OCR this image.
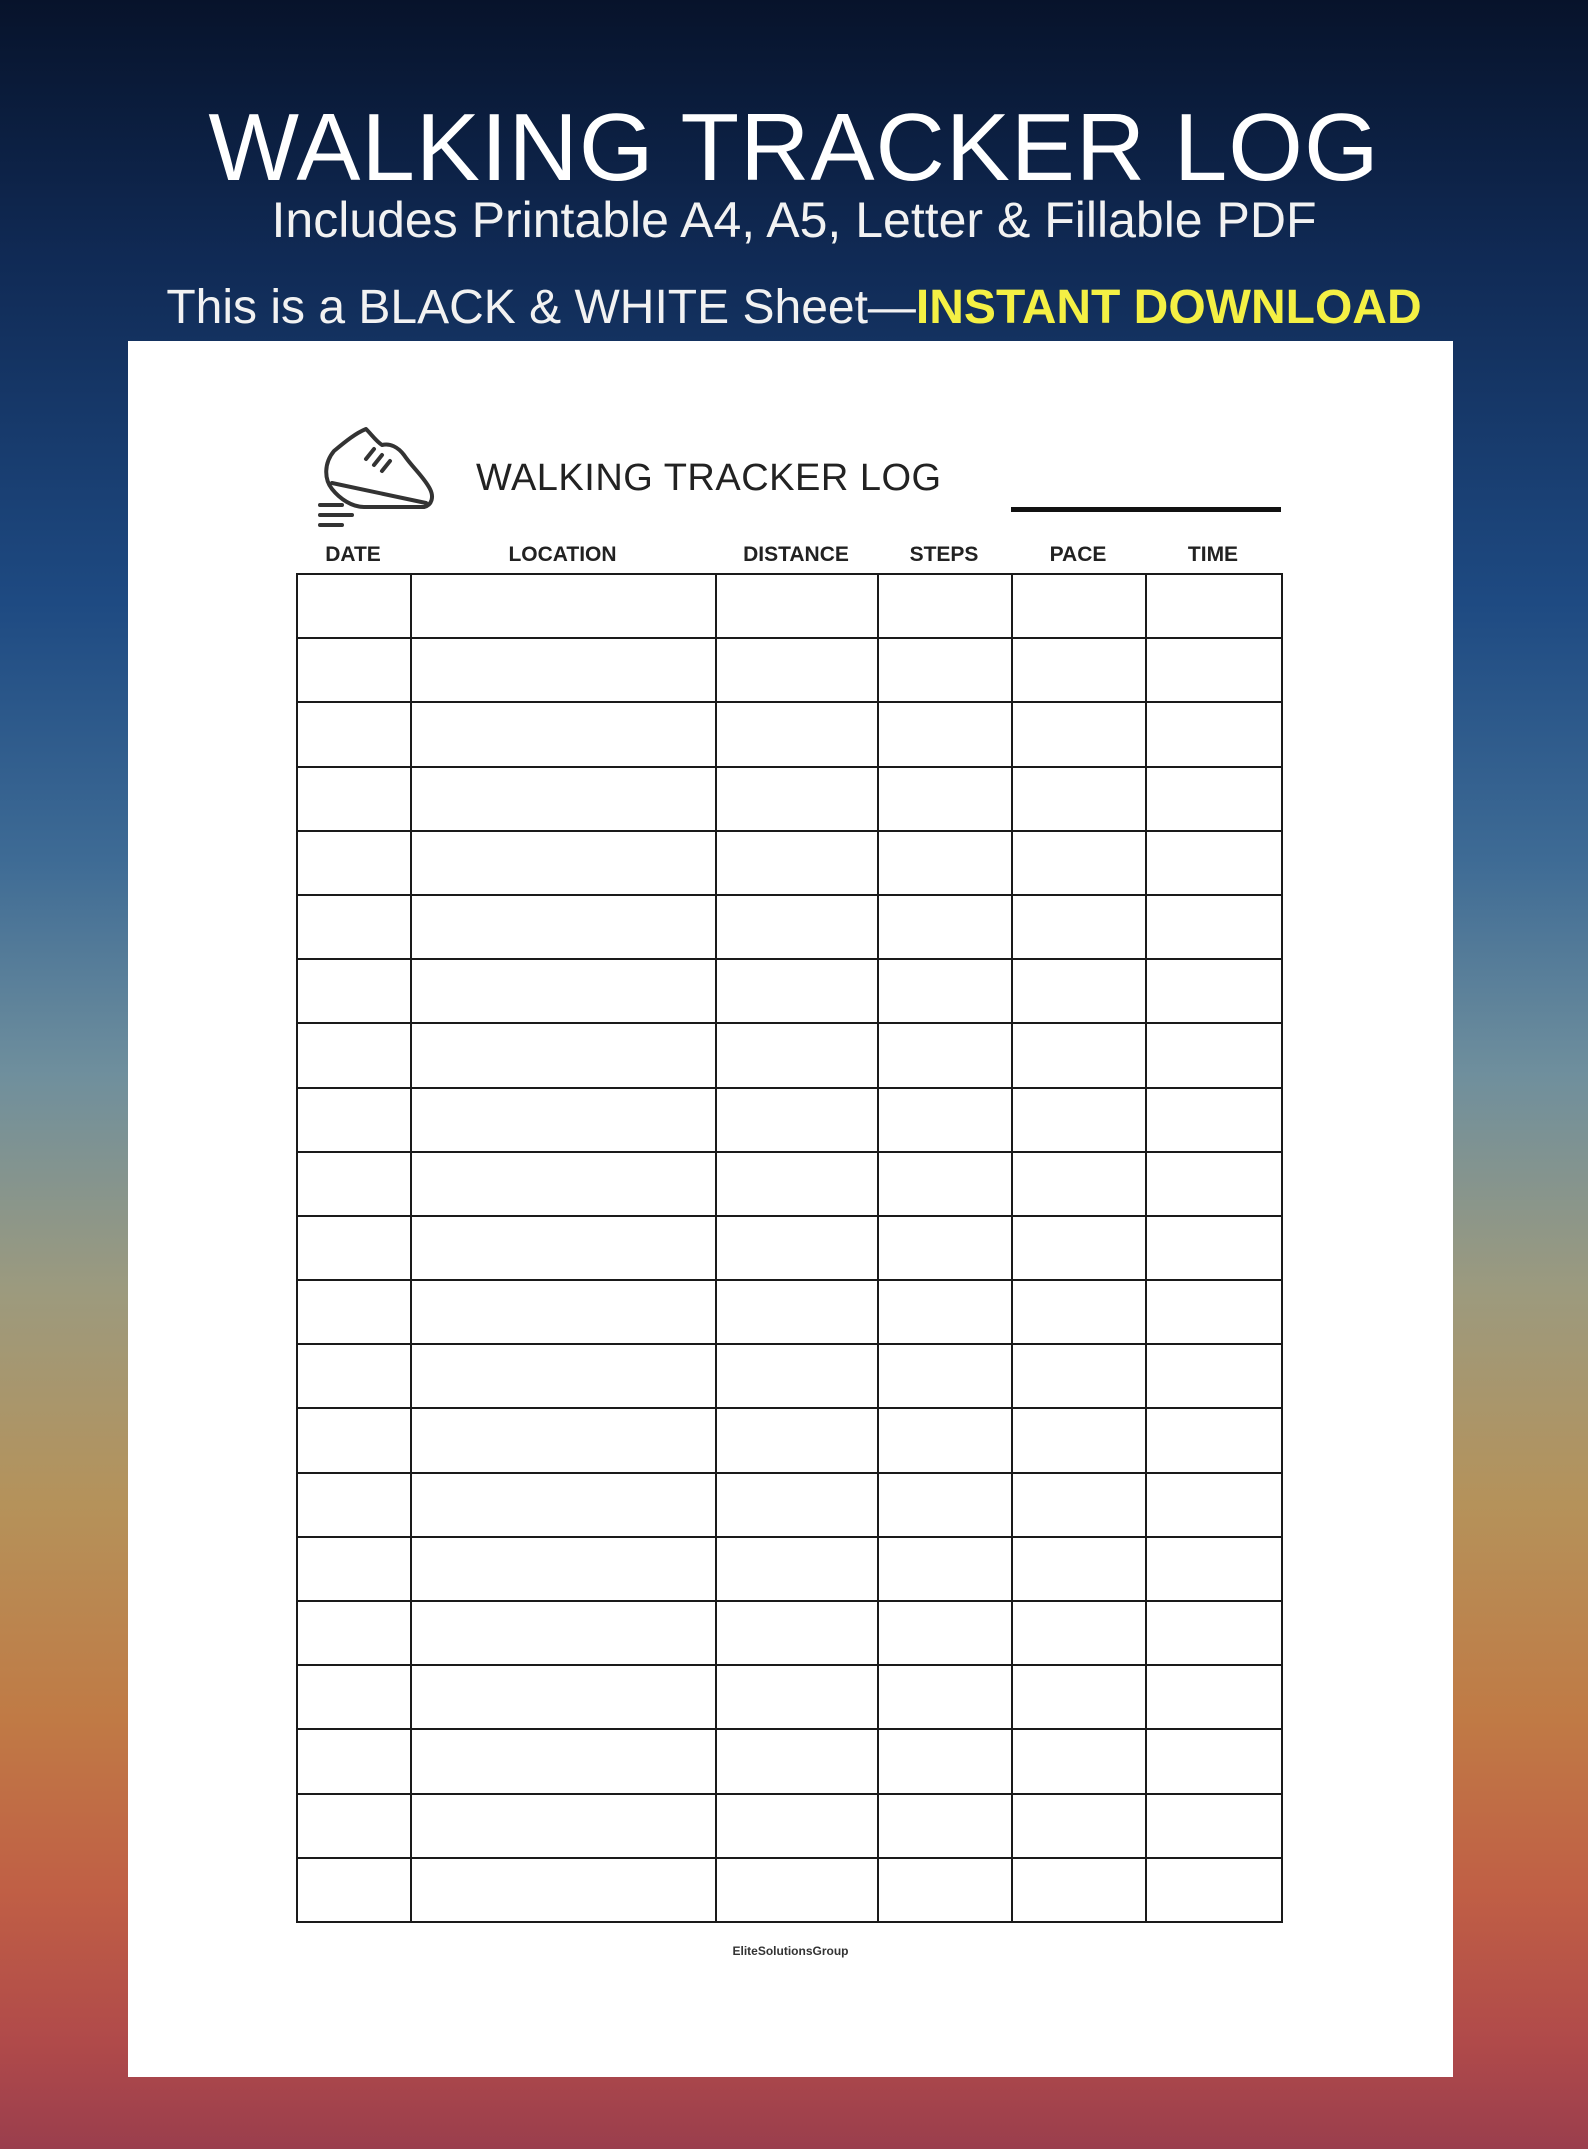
WALKING TRACKER LOG
Includes Printable A4, A5, Letter & Fillable PDF
This is a BLACK & WHITE Sheet—INSTANT DOWNLOAD
WALKING TRACKER LOG
DATE	LOCATION	DISTANCE	STEPS	PACE	TIME

EliteSolutionsGroup
